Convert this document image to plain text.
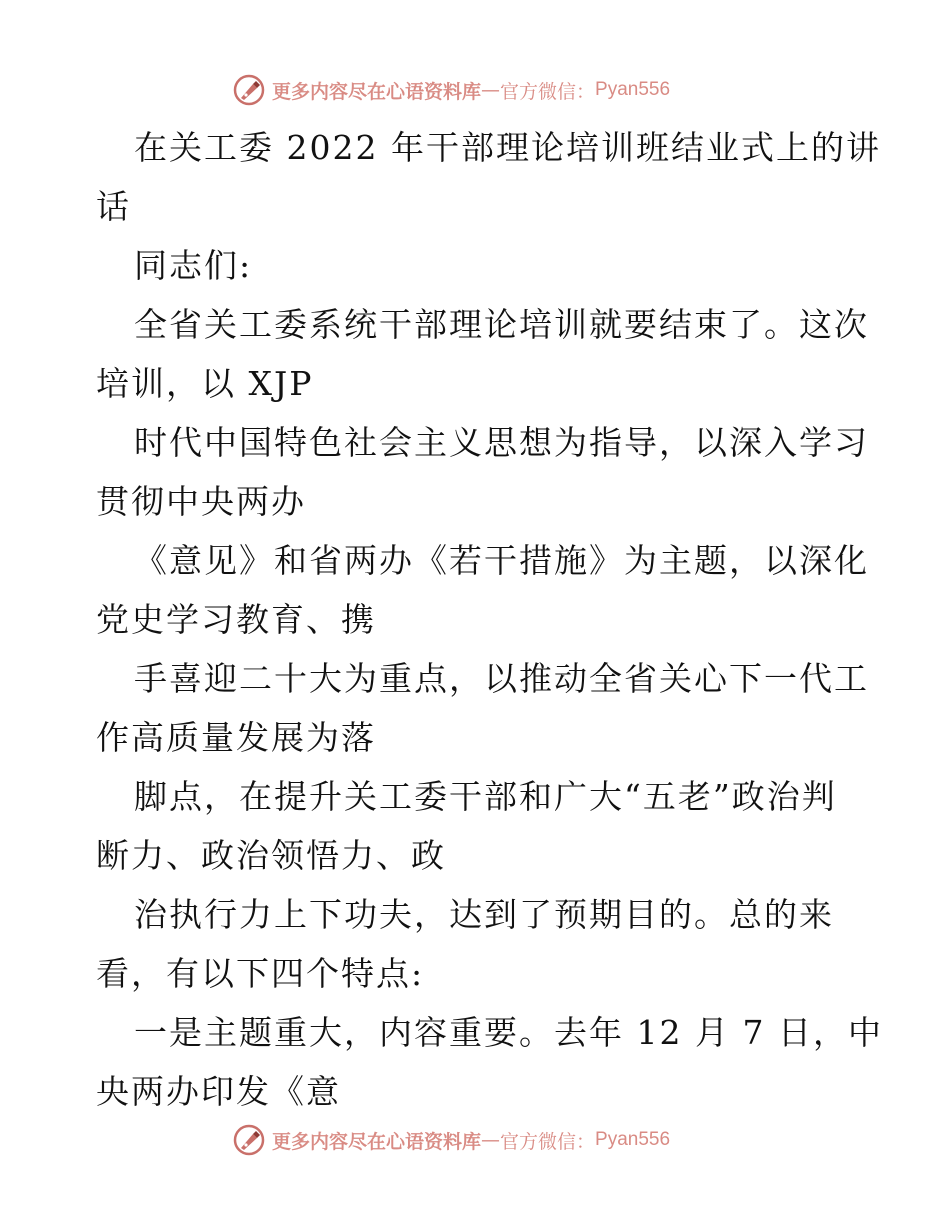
更多内容尽在心语资料库 — 官方微信： Pyan556
在关工委 2022 年干部理论培训班结业式上的讲
话
同志们:
全省关工委系统干部理论培训就要结束了。这次
培训，以 XJP
时代中国特色社会主义思想为指导，以深入学习
贯彻中央两办
《意见》和省两办《若干措施》为主题，以深化
党史学习教育、携
手喜迎二十大为重点，以推动全省关心下一代工
作高质量发展为落
脚点，在提升关工委干部和广大“五老”政治判
断力、政治领悟力、政
治执行力上下功夫，达到了预期目的。总的来
看，有以下四个特点:
一是主题重大，内容重要。去年 12 月 7 日，中
央两办印发《意
更多内容尽在心语资料库 — 官方微信： Pyan556
